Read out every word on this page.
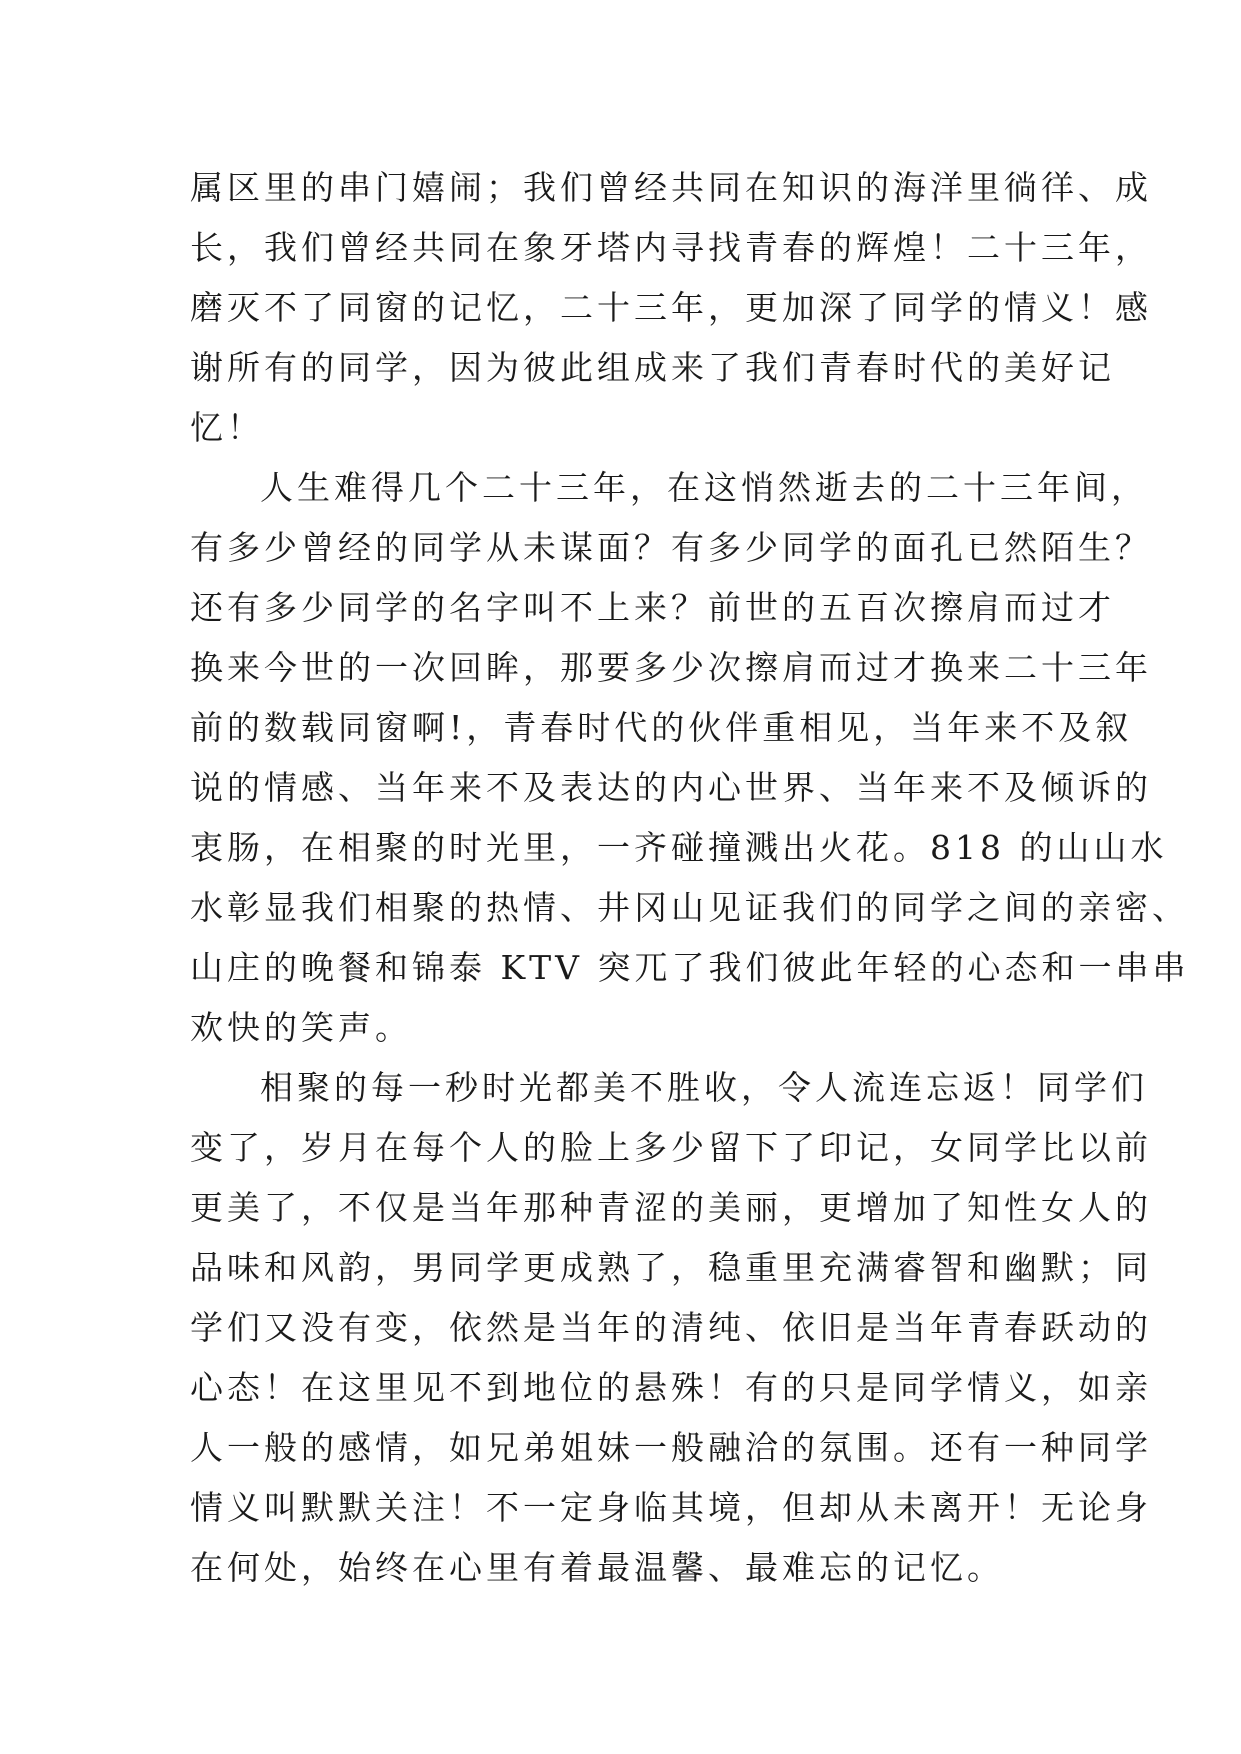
属区里的串门嬉闹；我们曾经共同在知识的海洋里徜徉、成
长，我们曾经共同在象牙塔内寻找青春的辉煌！二十三年，
磨灭不了同窗的记忆，二十三年，更加深了同学的情义！感
谢所有的同学，因为彼此组成来了我们青春时代的美好记
忆！

人生难得几个二十三年，在这悄然逝去的二十三年间，
有多少曾经的同学从未谋面？有多少同学的面孔已然陌生？
还有多少同学的名字叫不上来？前世的五百次擦肩而过才
换来今世的一次回眸，那要多少次擦肩而过才换来二十三年
前的数载同窗啊!，青春时代的伙伴重相见，当年来不及叙
说的情感、当年来不及表达的内心世界、当年来不及倾诉的
衷肠，在相聚的时光里，一齐碰撞溅出火花。818 的山山水
水彰显我们相聚的热情、井冈山见证我们的同学之间的亲密、
山庄的晚餐和锦泰 KTV 突兀了我们彼此年轻的心态和一串串
欢快的笑声。

相聚的每一秒时光都美不胜收，令人流连忘返！同学们
变了，岁月在每个人的脸上多少留下了印记，女同学比以前
更美了，不仅是当年那种青涩的美丽，更增加了知性女人的
品味和风韵，男同学更成熟了，稳重里充满睿智和幽默；同
学们又没有变，依然是当年的清纯、依旧是当年青春跃动的
心态！在这里见不到地位的悬殊！有的只是同学情义，如亲
人一般的感情，如兄弟姐妹一般融洽的氛围。还有一种同学
情义叫默默关注！不一定身临其境，但却从未离开！无论身
在何处，始终在心里有着最温馨、最难忘的记忆。
